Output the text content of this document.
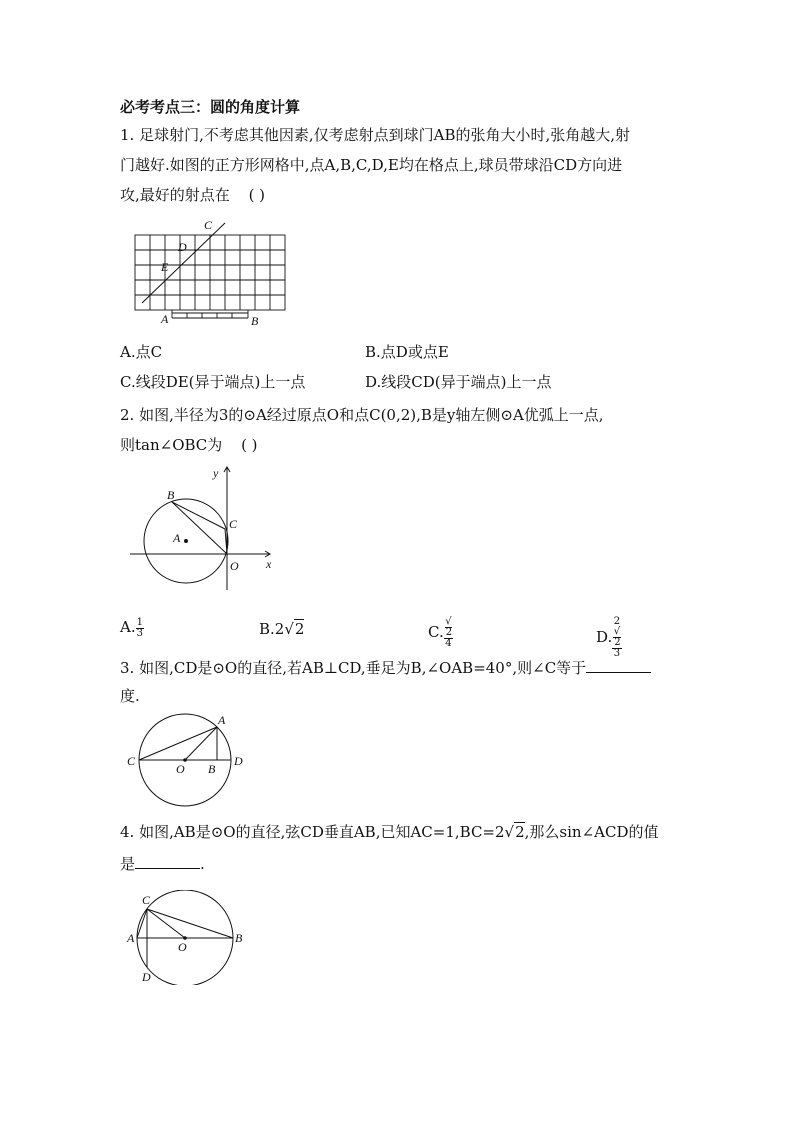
必考考点三：圆的角度计算
1. 足球射门,不考虑其他因素,仅考虑射点到球门AB的张角大小时,张角越大,射
门越好.如图的正方形网格中,点A,B,C,D,E均在格点上,球员带球沿CD方向进
攻,最好的射点在 ( )
C
D
E
A	B
A.点C	B.点D或点E
C.线段DE(异于端点)上一点	D.线段CD(异于端点)上一点
2. 如图,半径为3的⊙A经过原点O和点C(0,2),B是y轴左侧⊙A优弧上一点,
则tan∠OBC为 ( )
y
x
B
C
A
O
A. $\frac{1}{3}$	B.2√2	C. √
2
4	D. 2
√
2
3
3. 如图,CD是⊙O的直径,若AB⊥CD,垂足为B,∠OAB=40°,则∠C等于
度.
A
C
O B
D
4. 如图,AB是⊙O的直径,弦CD垂直AB,已知AC=1,BC=2√2,那么sin∠ACD的值
是	.
C
A
O
B
D
